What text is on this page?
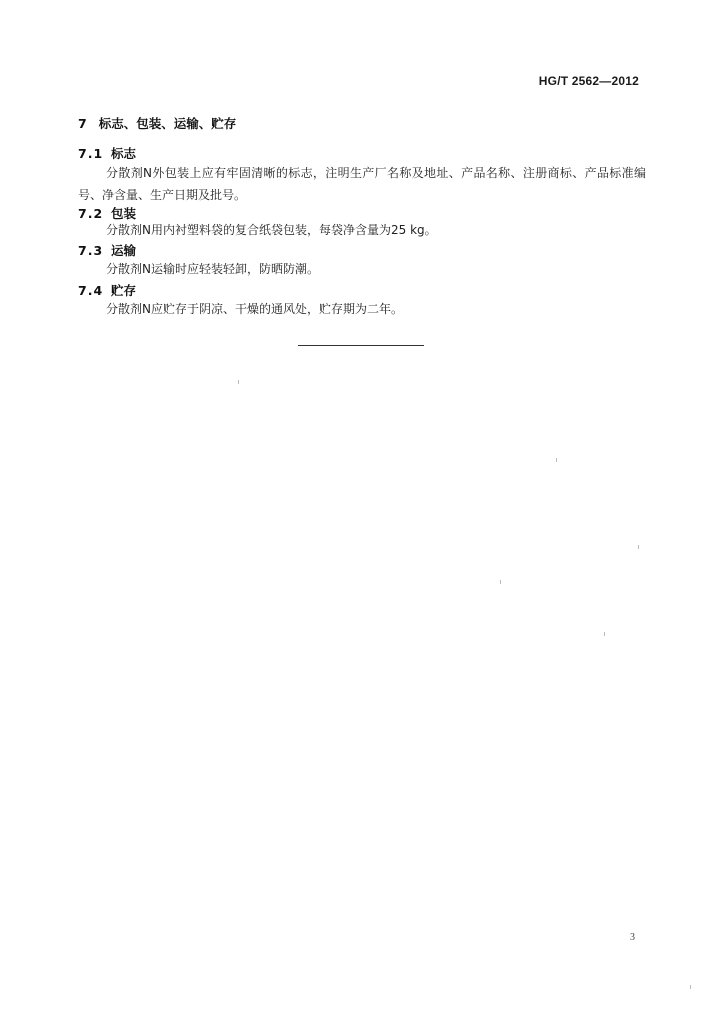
HG/T 2562—2012
7 标志、包装、运输、贮存
7.1 标志
分散剂N外包装上应有牢固清晰的标志，注明生产厂名称及地址、产品名称、注册商标、产品标准编号、净含量、生产日期及批号。
7.2 包装
分散剂N用内衬塑料袋的复合纸袋包装，每袋净含量为25 kg。
7.3 运输
分散剂N运输时应轻装轻卸，防晒防潮。
7.4 贮存
分散剂N应贮存于阴凉、干燥的通风处，贮存期为二年。
3
